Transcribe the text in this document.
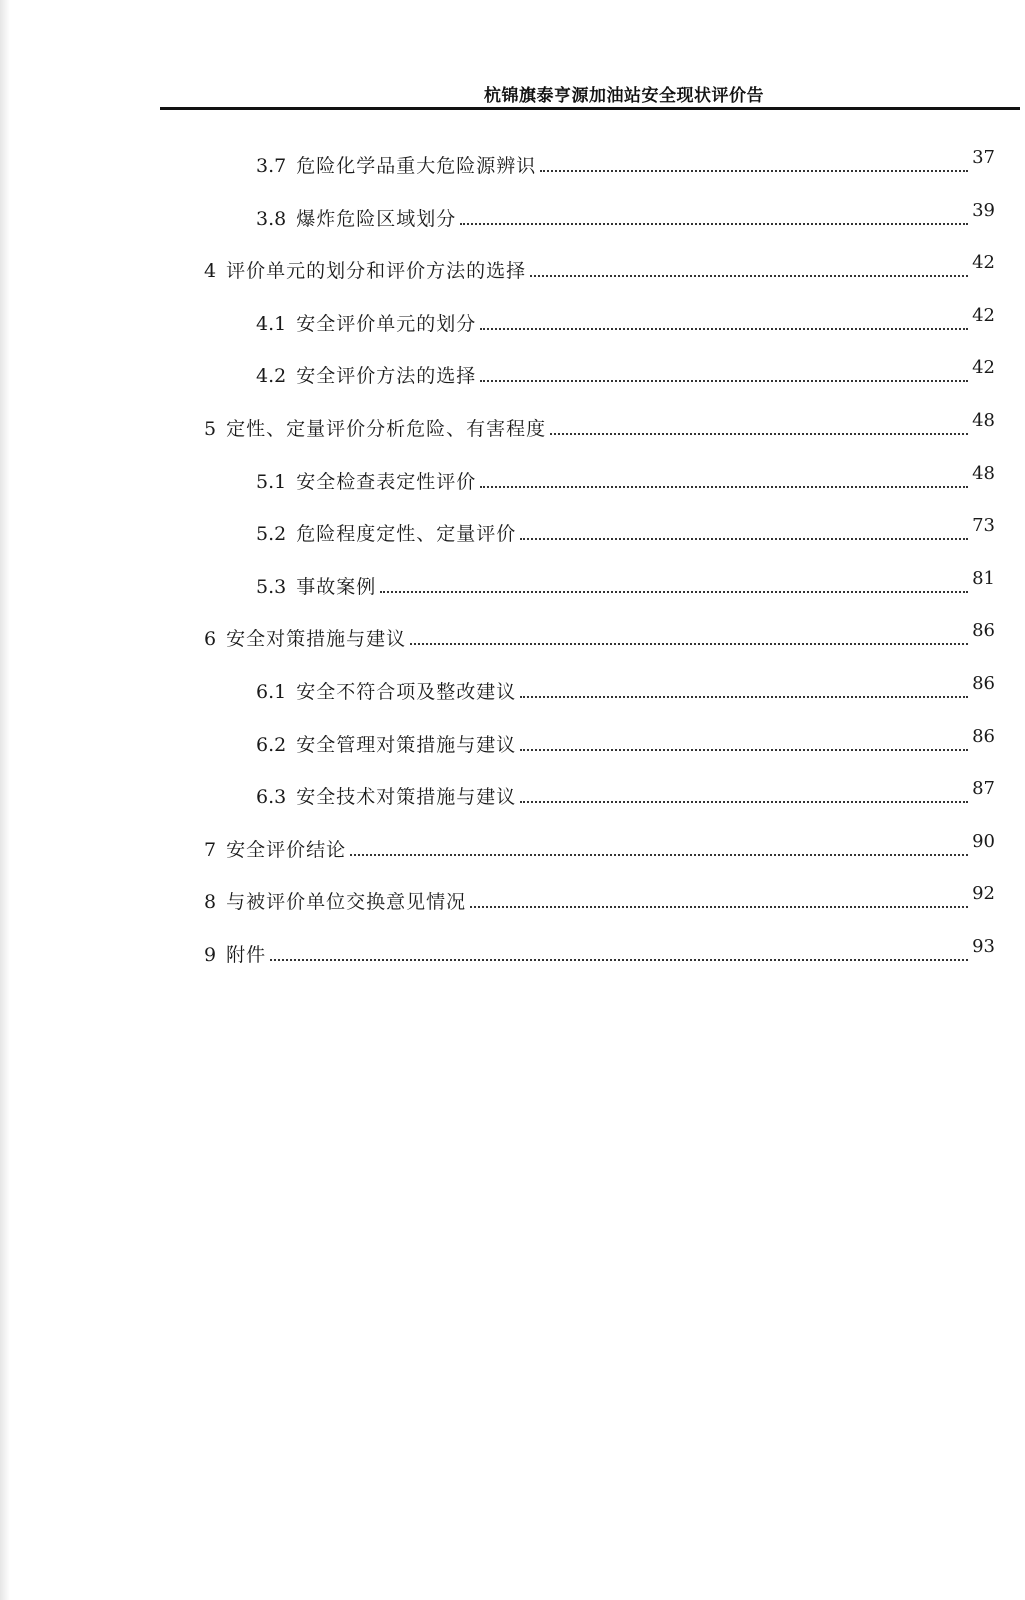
杭锦旗泰亨源加油站安全现状评价告
3.7 危险化学品重大危险源辨识	37
3.8 爆炸危险区域划分	39
4 评价单元的划分和评价方法的选择	42
4.1 安全评价单元的划分	42
4.2 安全评价方法的选择	42
5 定性、定量评价分析危险、有害程度	48
5.1 安全检查表定性评价	48
5.2 危险程度定性、定量评价	73
5.3 事故案例	81
6 安全对策措施与建议	86
6.1 安全不符合项及整改建议	86
6.2 安全管理对策措施与建议	86
6.3 安全技术对策措施与建议	87
7 安全评价结论	90
8 与被评价单位交换意见情况	92
9 附件	93
